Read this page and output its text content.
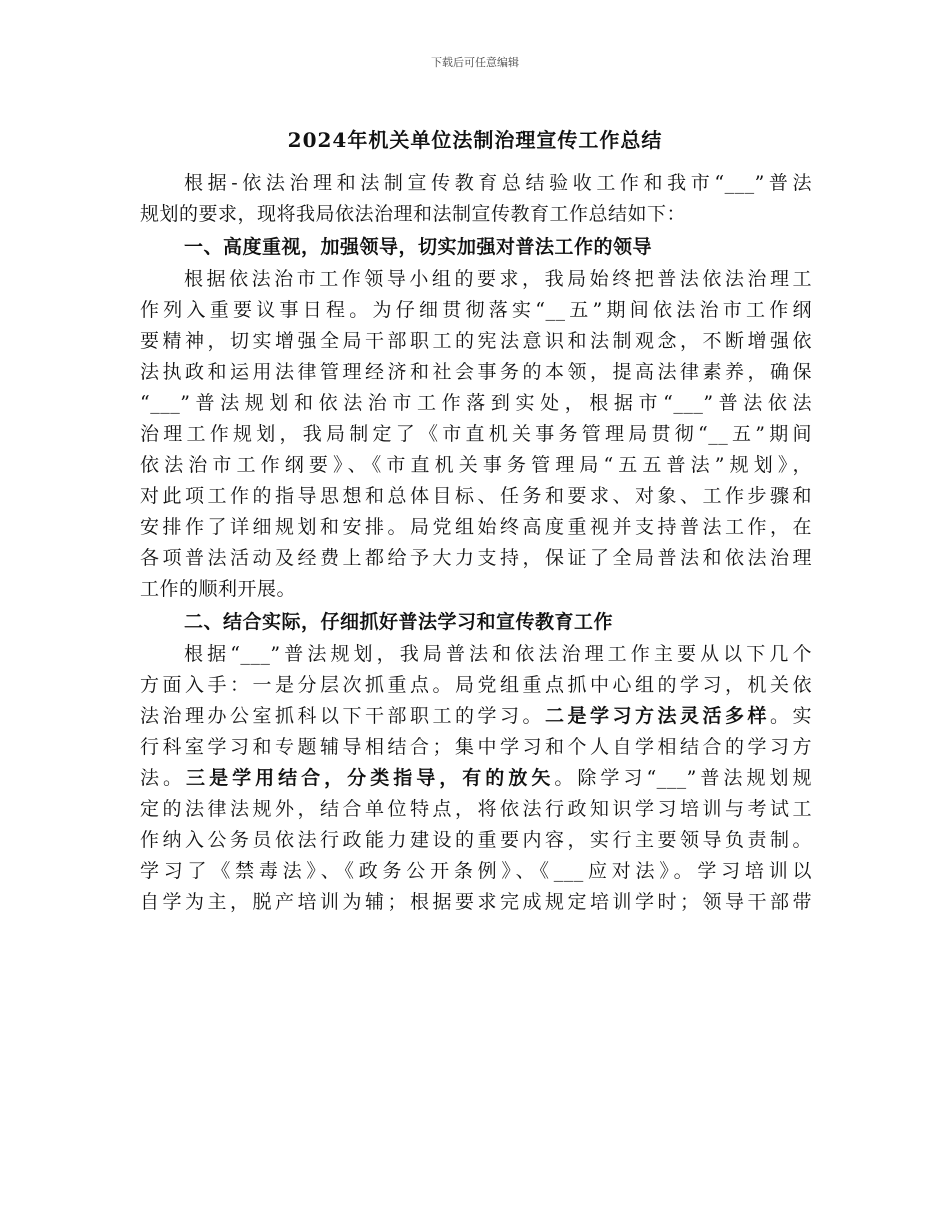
下载后可任意编辑
2024年机关单位法制治理宣传工作总结
根据-依法治理和法制宣传教育总结验收工作和我市“___”普法
规划的要求，现将我局依法治理和法制宣传教育工作总结如下：
一、高度重视，加强领导，切实加强对普法工作的领导
根据依法治市工作领导小组的要求，我局始终把普法依法治理工
作列入重要议事日程。为仔细贯彻落实“__五”期间依法治市工作纲
要精神，切实增强全局干部职工的宪法意识和法制观念，不断增强依
法执政和运用法律管理经济和社会事务的本领，提高法律素养，确保
“___”普法规划和依法治市工作落到实处，根据市“___”普法依法
治理工作规划，我局制定了《市直机关事务管理局贯彻“__五”期间
依法治市工作纲要》、《市直机关事务管理局“五五普法”规划》，
对此项工作的指导思想和总体目标、任务和要求、对象、工作步骤和
安排作了详细规划和安排。局党组始终高度重视并支持普法工作，在
各项普法活动及经费上都给予大力支持，保证了全局普法和依法治理
工作的顺利开展。
二、结合实际，仔细抓好普法学习和宣传教育工作
根据“___”普法规划，我局普法和依法治理工作主要从以下几个
方面入手：一是分层次抓重点。局党组重点抓中心组的学习，机关依
法治理办公室抓科以下干部职工的学习。二是学习方法灵活多样。实
行科室学习和专题辅导相结合；集中学习和个人自学相结合的学习方
法。三是学用结合，分类指导，有的放矢。除学习“___”普法规划规
定的法律法规外，结合单位特点，将依法行政知识学习培训与考试工
作纳入公务员依法行政能力建设的重要内容，实行主要领导负责制。
学习了《禁毒法》、《政务公开条例》、《___应对法》。学习培训以
自学为主，脱产培训为辅；根据要求完成规定培训学时；领导干部带
